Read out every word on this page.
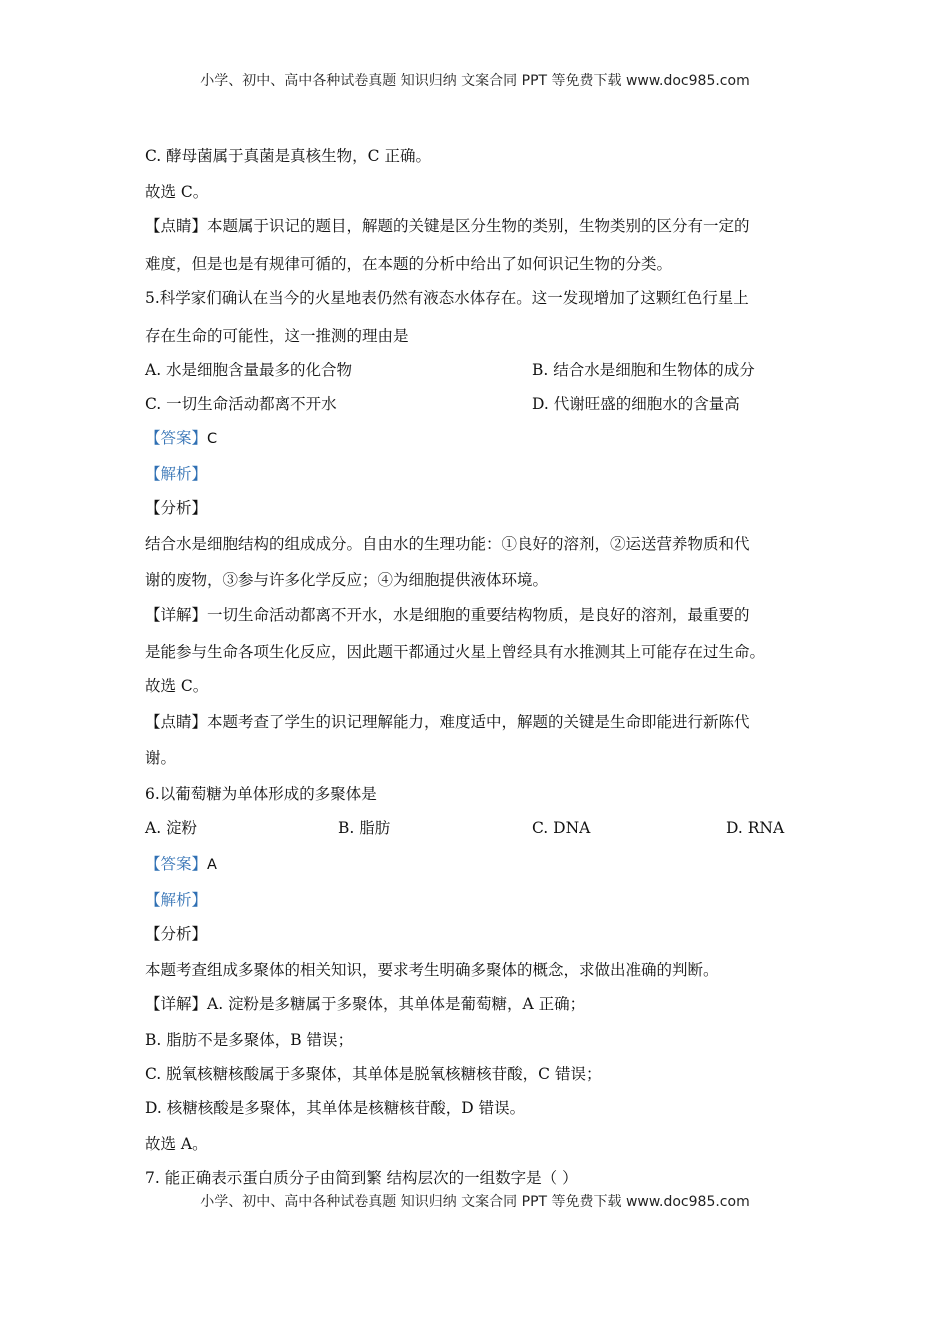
小学、初中、高中各种试卷真题 知识归纳 文案合同 PPT 等免费下载 www.doc985.com
C. 酵母菌属于真菌是真核生物，C 正确。
故选 C。
【点睛】本题属于识记的题目，解题的关键是区分生物的类别，生物类别的区分有一定的
难度，但是也是有规律可循的，在本题的分析中给出了如何识记生物的分类。
5.科学家们确认在当今的火星地表仍然有液态水体存在。这一发现增加了这颗红色行星上
存在生命的可能性，这一推测的理由是
A. 水是细胞含量最多的化合物	B. 结合水是细胞和生物体的成分
C. 一切生命活动都离不开水	D. 代谢旺盛的细胞水的含量高
【答案】C
【解析】
【分析】
结合水是细胞结构的组成成分。自由水的生理功能：①良好的溶剂，②运送营养物质和代
谢的废物，③参与许多化学反应；④为细胞提供液体环境。
【详解】一切生命活动都离不开水，水是细胞的重要结构物质，是良好的溶剂，最重要的
是能参与生命各项生化反应，因此题干都通过火星上曾经具有水推测其上可能存在过生命。
故选 C。
【点睛】本题考查了学生的识记理解能力，难度适中，解题的关键是生命即能进行新陈代
谢。
6.以葡萄糖为单体形成的多聚体是
A. 淀粉	B. 脂肪	C. DNA	D. RNA
【答案】A
【解析】
【分析】
本题考查组成多聚体的相关知识，要求考生明确多聚体的概念，求做出准确的判断。
【详解】A. 淀粉是多糖属于多聚体，其单体是葡萄糖，A 正确；
B. 脂肪不是多聚体，B 错误；
C. 脱氧核糖核酸属于多聚体，其单体是脱氧核糖核苷酸，C 错误；
D. 核糖核酸是多聚体，其单体是核糖核苷酸，D 错误。
故选 A。
7. 能正确表示蛋白质分子由简到繁 结构层次的一组数字是（ ）
小学、初中、高中各种试卷真题 知识归纳 文案合同 PPT 等免费下载 www.doc985.com
